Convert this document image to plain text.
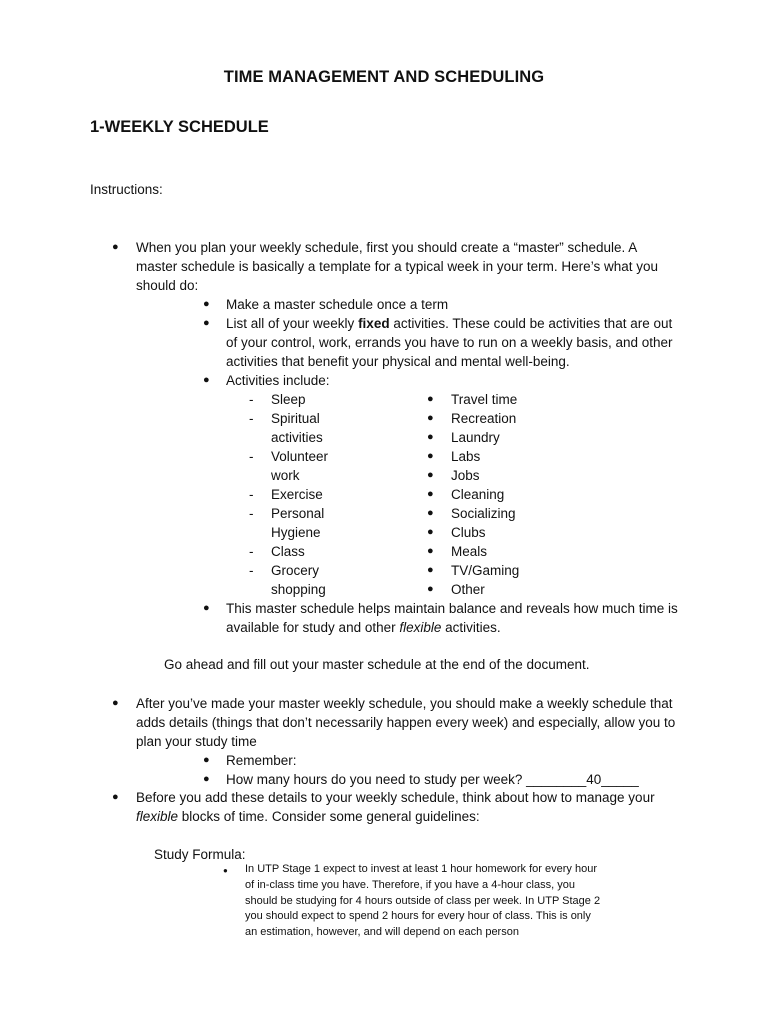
TIME MANAGEMENT AND SCHEDULING
1-WEEKLY SCHEDULE
Instructions:
● When you plan your weekly schedule, first you should create a “master” schedule. A master schedule is basically a template for a typical week in your term. Here’s what you should do:
● Make a master schedule once a term
● List all of your weekly fixed activities. These could be activities that are out of your control, work, errands you have to run on a weekly basis, and other activities that benefit your physical and mental well-being.
● Activities include:
- Sleep
- Spiritual activities
- Volunteer work
- Exercise
- Personal Hygiene
- Class
- Grocery shopping
● Travel time
● Recreation
● Laundry
● Labs
● Jobs
● Cleaning
● Socializing
● Clubs
● Meals
● TV/Gaming
● Other
● This master schedule helps maintain balance and reveals how much time is available for study and other flexible activities.
Go ahead and fill out your master schedule at the end of the document.
● After you’ve made your master weekly schedule, you should make a weekly schedule that adds details (things that don’t necessarily happen every week) and especially, allow you to plan your study time
● Remember:
● How many hours do you need to study per week? ________40_____
● Before you add these details to your weekly schedule, think about how to manage your flexible blocks of time. Consider some general guidelines:
Study Formula:
● In UTP Stage 1 expect to invest at least 1 hour homework for every hour of in-class time you have. Therefore, if you have a 4-hour class, you should be studying for 4 hours outside of class per week. In UTP Stage 2 you should expect to spend 2 hours for every hour of class. This is only an estimation, however, and will depend on each person
